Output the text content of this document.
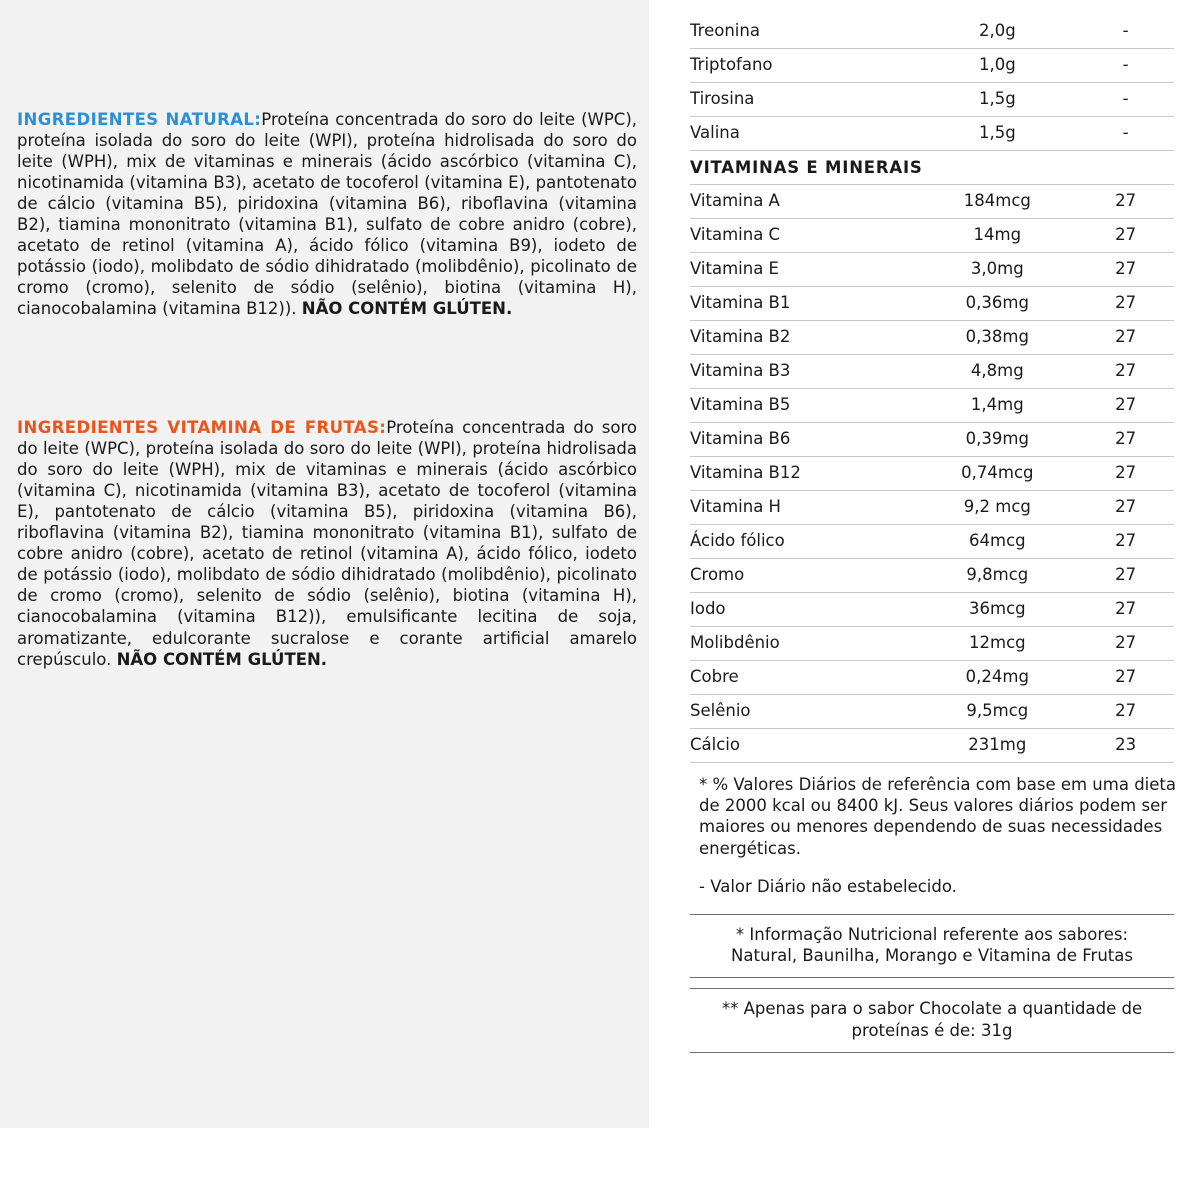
INGREDIENTES NATURAL:Proteína concentrada do soro do leite (WPC), proteína isolada do soro do leite (WPI), proteína hidrolisada do soro do leite (WPH), mix de vitaminas e minerais (ácido ascórbico (vitamina C), nicotinamida (vitamina B3), acetato de tocoferol (vitamina E), pantotenato de cálcio (vitamina B5), piridoxina (vitamina B6), riboflavina (vitamina B2), tiamina mononitrato (vitamina B1), sulfato de cobre anidro (cobre), acetato de retinol (vitamina A), ácido fólico (vitamina B9), iodeto de potássio (iodo), molibdato de sódio dihidratado (molibdênio), picolinato de cromo (cromo), selenito de sódio (selênio), biotina (vitamina H), cianocobalamina (vitamina B12)). NÃO CONTÉM GLÚTEN.

INGREDIENTES VITAMINA DE FRUTAS:Proteína concentrada do soro do leite (WPC), proteína isolada do soro do leite (WPI), proteína hidrolisada do soro do leite (WPH), mix de vitaminas e minerais (ácido ascórbico (vitamina C), nicotinamida (vitamina B3), acetato de tocoferol (vitamina E), pantotenato de cálcio (vitamina B5), piridoxina (vitamina B6), riboflavina (vitamina B2), tiamina mononitrato (vitamina B1), sulfato de cobre anidro (cobre), acetato de retinol (vitamina A), ácido fólico, iodeto de potássio (iodo), molibdato de sódio dihidratado (molibdênio), picolinato de cromo (cromo), selenito de sódio (selênio), biotina (vitamina H), cianocobalamina (vitamina B12)), emulsificante lecitina de soja, aromatizante, edulcorante sucralose e corante artificial amarelo crepúsculo. NÃO CONTÉM GLÚTEN.

Treonina	2,0g	-
Triptofano	1,0g	-
Tirosina	1,5g	-
Valina	1,5g	-
VITAMINAS E MINERAIS		
Vitamina A	184mcg	27
Vitamina C	14mg	27
Vitamina E	3,0mg	27
Vitamina B1	0,36mg	27
Vitamina B2	0,38mg	27
Vitamina B3	4,8mg	27
Vitamina B5	1,4mg	27
Vitamina B6	0,39mg	27
Vitamina B12	0,74mcg	27
Vitamina H	9,2 mcg	27
Ácido fólico	64mcg	27
Cromo	9,8mcg	27
Iodo	36mcg	27
Molibdênio	12mcg	27
Cobre	0,24mg	27
Selênio	9,5mcg	27
Cálcio	231mg	23

* % Valores Diários de referência com base em uma dieta de 2000 kcal ou 8400 kJ. Seus valores diários podem ser maiores ou menores dependendo de suas necessidades energéticas.

- Valor Diário não estabelecido.

* Informação Nutricional referente aos sabores: Natural, Baunilha, Morango e Vitamina de Frutas
** Apenas para o sabor Chocolate a quantidade de proteínas é de: 31g
